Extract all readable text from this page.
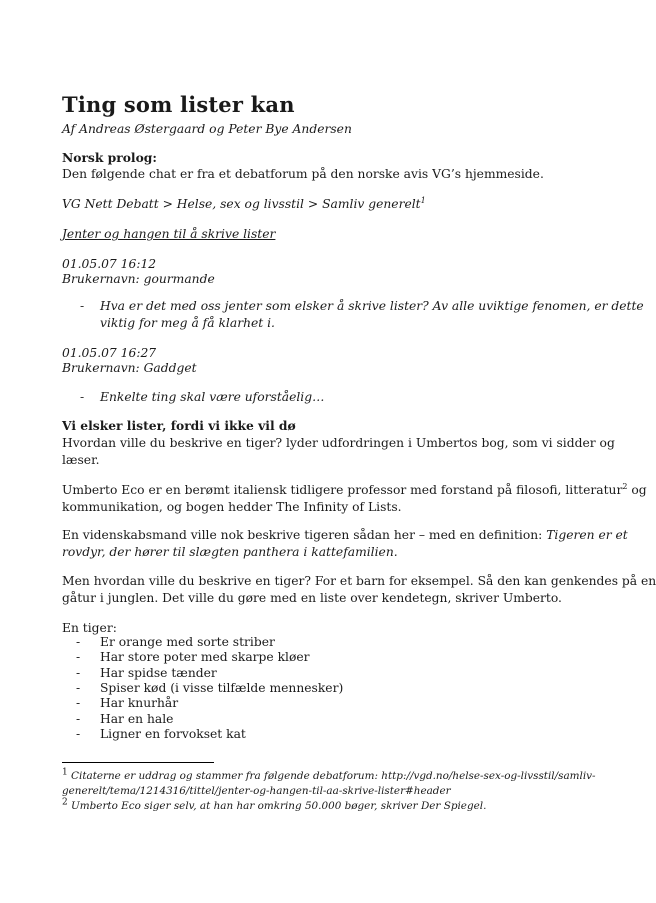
Ting som lister kan
Af Andreas Østergaard og Peter Bye Andersen
Norsk prolog:
Den følgende chat er fra et debatforum på den norske avis VG’s hjemmeside.
VG Nett Debatt > Helse, sex og livsstil > Samliv generelt$^1$
Jenter og hangen til å skrive lister
01.05.07 16:12
Brukernavn: gourmande
- Hva er det med oss jenter som elsker å skrive lister? Av alle uviktige fenomen, er dette
viktig for meg å få klarhet i.
01.05.07 16:27
Brukernavn: Gaddget
- Enkelte ting skal være uforståelig…
Vi elsker lister, fordi vi ikke vil dø
Hvordan ville du beskrive en tiger? lyder udfordringen i Umbertos bog, som vi sidder og
læser.
Umberto Eco er en berømt italiensk tidligere professor med forstand på filosofi, litteratur$^2$ og
kommunikation, og bogen hedder The Infinity of Lists.
En videnskabsmand ville nok beskrive tigeren sådan her – med en definition: Tigeren er et
rovdyr, der hører til slægten panthera i kattefamilien.
Men hvordan ville du beskrive en tiger? For et barn for eksempel. Så den kan genkendes på en
gåtur i junglen. Det ville du gøre med en liste over kendetegn, skriver Umberto.
En tiger:
- Er orange med sorte striber
- Har store poter med skarpe kløer
- Har spidse tænder
- Spiser kød (i visse tilfælde mennesker)
- Har knurhår
- Har en hale
- Ligner en forvokset kat
1 Citaterne er uddrag og stammer fra følgende debatforum: http://vgd.no/helse-sex-og-livsstil/samliv-
generelt/tema/1214316/tittel/jenter-og-hangen-til-aa-skrive-lister#header
2 Umberto Eco siger selv, at han har omkring 50.000 bøger, skriver Der Spiegel.
